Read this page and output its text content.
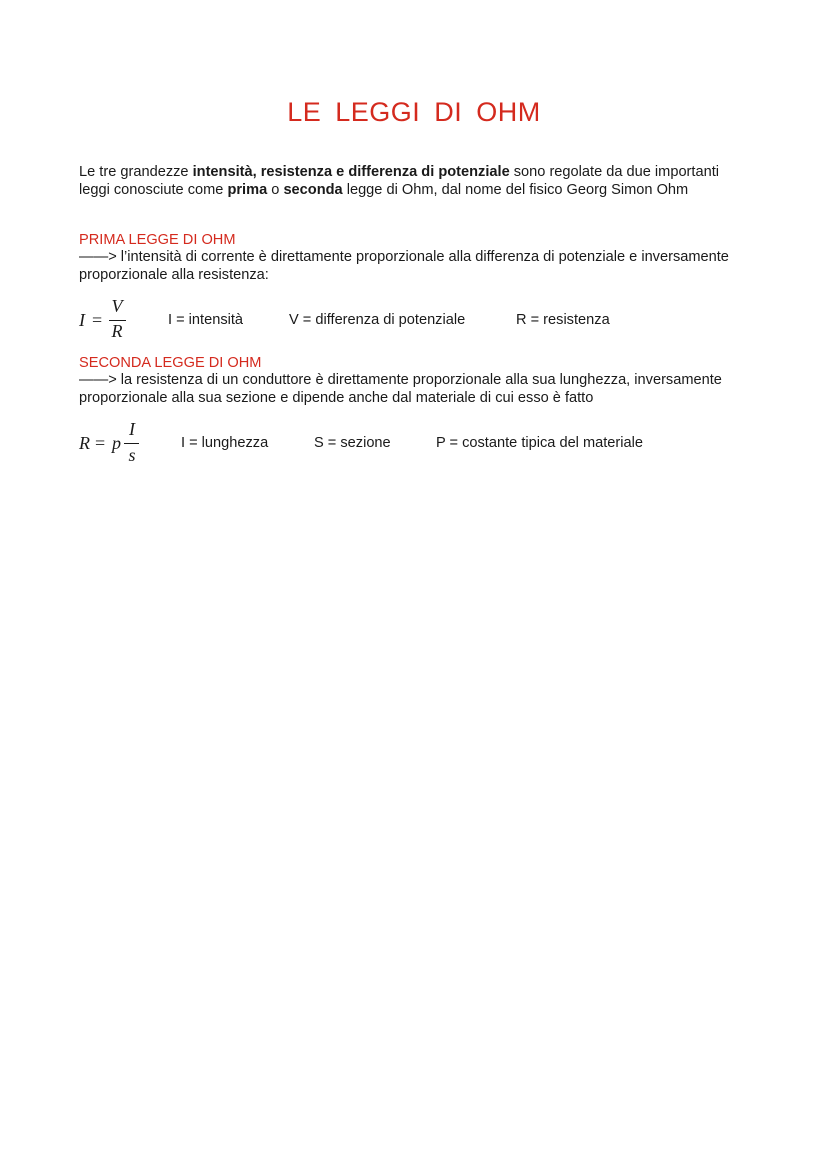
LE LEGGI DI OHM

Le tre grandezze intensità, resistenza e differenza di potenziale sono regolate da due importanti leggi conosciute come prima o seconda legge di Ohm, dal nome del fisico Georg Simon Ohm

PRIMA LEGGE DI OHM

——> l’intensità di corrente è direttamente proporzionale alla differenza di potenziale e inversamente proporzionale alla resistenza:

I =
V
R

I = intensità	V = differenza di potenziale	R = resistenza

SECONDA LEGGE DI OHM

——> la resistenza di un conduttore è direttamente proporzionale alla sua lunghezza, inversamente proporzionale alla sua sezione e dipende anche dal materiale di cui esso è fatto

R = p
I
s

I = lunghezza	S = sezione	P = costante tipica del materiale
